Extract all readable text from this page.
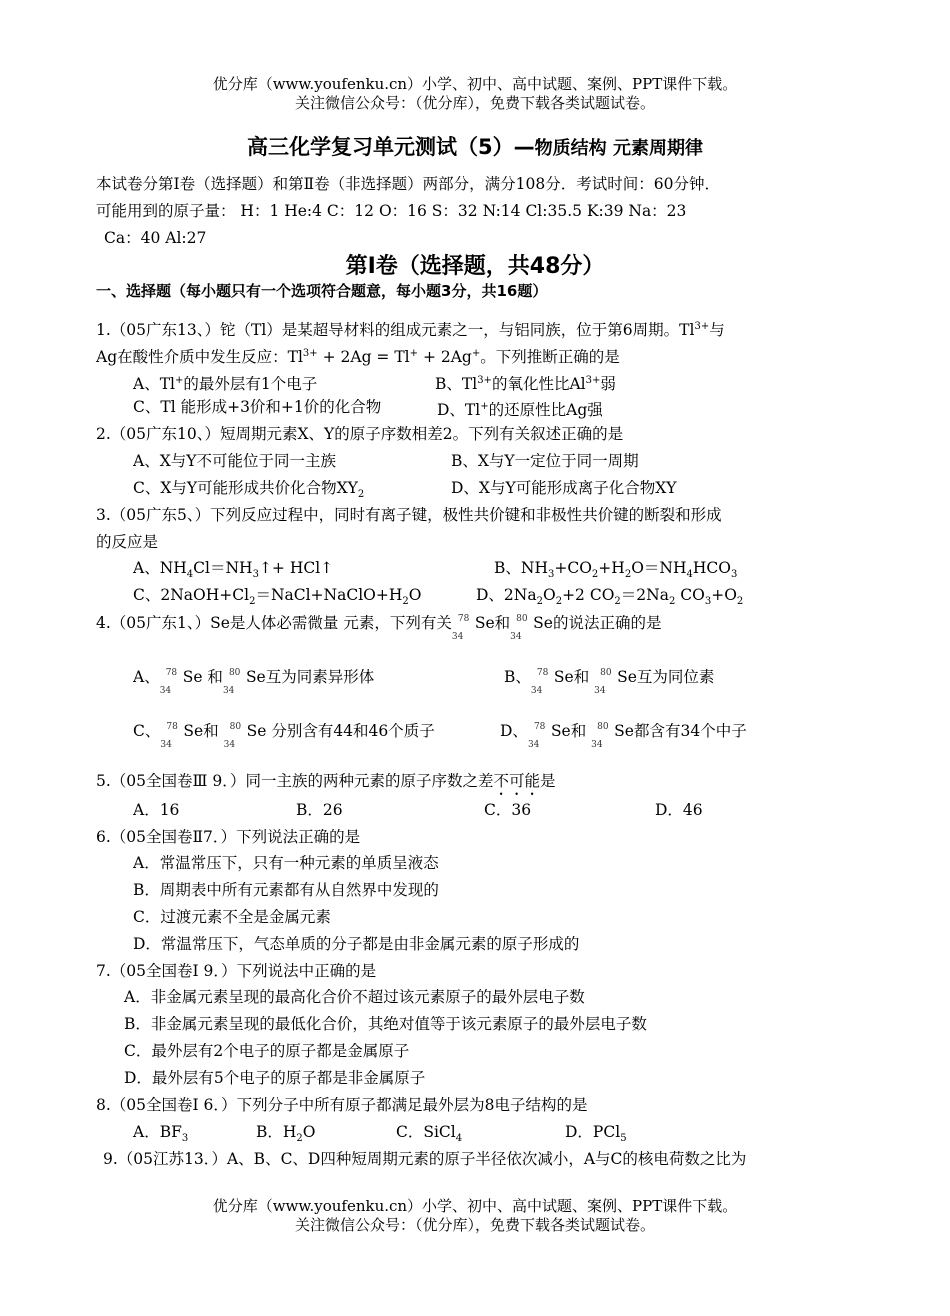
优分库（www.youfenku.cn）小学、初中、高中试题、案例、PPT课件下载。
关注微信公众号：（优分库），免费下载各类试题试卷。
高三化学复习单元测试（5）—物质结构 元素周期律
本试卷分第Ⅰ卷（选择题）和第Ⅱ卷（非选择题）两部分，满分108分．考试时间：60分钟．
可能用到的原子量： H：1 He:4 C：12 O：16 S：32 N:14 Cl:35.5 K:39 Na：23
Ca：40 Al:27
第Ⅰ卷（选择题，共48分）
一、选择题（每小题只有一个选项符合题意，每小题3分，共16题）
1.（05广东13、）铊（Tl）是某超导材料的组成元素之一，与铝同族，位于第6周期。$Tl^{3+}$与
Ag在酸性介质中发生反应：$Tl^{3+} + 2Ag = Tl^+ + 2Ag^+$。下列推断正确的是
A、Tl+的最外层有1个电子	B、$Tl^{3+}$的氧化性比$Al^{3+}$弱
C、Tl 能形成+3价和+1价的化合物	D、Tl+的还原性比Ag强
2.（05广东10、）短周期元素X、Y的原子序数相差2。下列有关叙述正确的是
A、X与Y不可能位于同一主族	B、X与Y一定位于同一周期
C、X与Y可能形成共价化合物$XY_2$	D、X与Y可能形成离子化合物XY
3.（05广东5、）下列反应过程中，同时有离子键，极性共价键和非极性共价键的断裂和形成
的反应是
A、$NH_4Cl=NH_3↑+$ HCl↑	B、$NH_3+CO_2+H_2O=NH_4HCO_3$
C、$2NaOH+Cl_2=NaCl+NaClO+H_2O$	D、$2Na_2O_2+2$ $CO_2=2Na_2$ $CO_3+O_2$
4.（05广东1、）Se是人体必需微量 元素，下列有关 78
34
Se和 80
34
Se的说法正确的是
A、 78
34
Se 和 80
34
Se互为同素异形体	B、 78
34
Se和 80
34
Se互为同位素
C、 78
34
Se和 80
34
Se 分别含有44和46个质子	D、 78
34
Se和 80
34
Se都含有34个中子
5.（05全国卷Ⅲ 9．）同一主族的两种元素的原子序数之差不可能是
A．16	B．26	C．36	D．46
6.（05全国卷Ⅱ7．）下列说法正确的是
A．常温常压下，只有一种元素的单质呈液态
B．周期表中所有元素都有从自然界中发现的
C．过渡元素不全是金属元素
D．常温常压下，气态单质的分子都是由非金属元素的原子形成的
7.（05全国卷Ⅰ 9．）下列说法中正确的是
A．非金属元素呈现的最高化合价不超过该元素原子的最外层电子数
B．非金属元素呈现的最低化合价，其绝对值等于该元素原子的最外层电子数
C．最外层有2个电子的原子都是金属原子
D．最外层有5个电子的原子都是非金属原子
8.（05全国卷Ⅰ 6．）下列分子中所有原子都满足最外层为8电子结构的是
A．$BF_3$	B．$H_2O$	C．SiCl$_4$	D．PCl$_5$
9.（05江苏13．）A、B、C、D四种短周期元素的原子半径依次减小，A与C的核电荷数之比为
优分库（www.youfenku.cn）小学、初中、高中试题、案例、PPT课件下载。
关注微信公众号：（优分库），免费下载各类试题试卷。
